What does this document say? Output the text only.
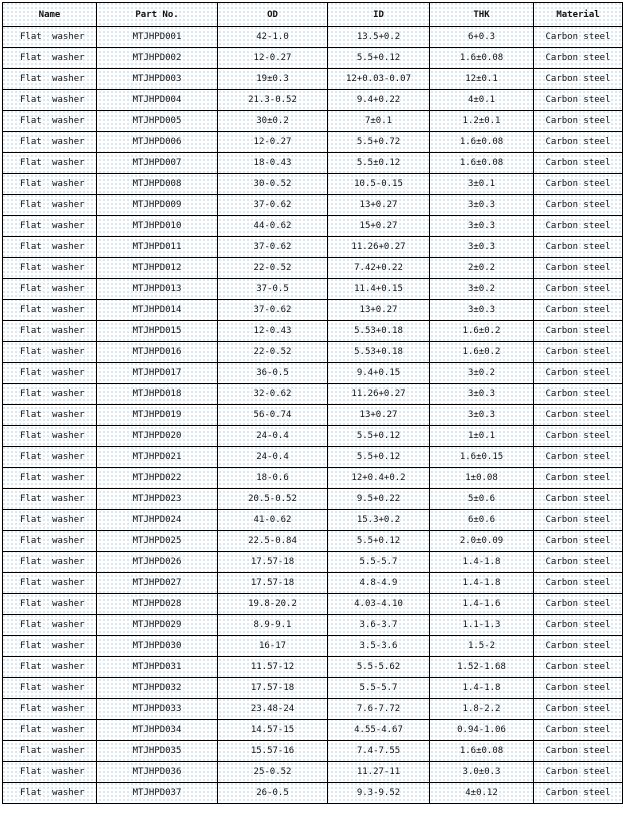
Name	Part No.	OD	ID	THK	Material
Flat washer	MTJHPD001	42-1.0	13.5+0.2	6+0.3	Carbon steel
Flat washer	MTJHPD002	12-0.27	5.5+0.12	1.6±0.08	Carbon steel
Flat washer	MTJHPD003	19±0.3	12+0.03-0.07	12±0.1	Carbon steel
Flat washer	MTJHPD004	21.3-0.52	9.4+0.22	4±0.1	Carbon steel
Flat washer	MTJHPD005	30±0.2	7±0.1	1.2±0.1	Carbon steel
Flat washer	MTJHPD006	12-0.27	5.5+0.72	1.6±0.08	Carbon steel
Flat washer	MTJHPD007	18-0.43	5.5±0.12	1.6±0.08	Carbon steel
Flat washer	MTJHPD008	30-0.52	10.5-0.15	3±0.1	Carbon steel
Flat washer	MTJHPD009	37-0.62	13+0.27	3±0.3	Carbon steel
Flat washer	MTJHPD010	44-0.62	15+0.27	3±0.3	Carbon steel
Flat washer	MTJHPD011	37-0.62	11.26+0.27	3±0.3	Carbon steel
Flat washer	MTJHPD012	22-0.52	7.42+0.22	2±0.2	Carbon steel
Flat washer	MTJHPD013	37-0.5	11.4+0.15	3±0.2	Carbon steel
Flat washer	MTJHPD014	37-0.62	13+0.27	3±0.3	Carbon steel
Flat washer	MTJHPD015	12-0.43	5.53+0.18	1.6±0.2	Carbon steel
Flat washer	MTJHPD016	22-0.52	5.53+0.18	1.6±0.2	Carbon steel
Flat washer	MTJHPD017	36-0.5	9.4+0.15	3±0.2	Carbon steel
Flat washer	MTJHPD018	32-0.62	11.26+0.27	3±0.3	Carbon steel
Flat washer	MTJHPD019	56-0.74	13+0.27	3±0.3	Carbon steel
Flat washer	MTJHPD020	24-0.4	5.5+0.12	1±0.1	Carbon steel
Flat washer	MTJHPD021	24-0.4	5.5+0.12	1.6±0.15	Carbon steel
Flat washer	MTJHPD022	18-0.6	12+0.4+0.2	1±0.08	Carbon steel
Flat washer	MTJHPD023	20.5-0.52	9.5+0.22	5±0.6	Carbon steel
Flat washer	MTJHPD024	41-0.62	15.3+0.2	6±0.6	Carbon steel
Flat washer	MTJHPD025	22.5-0.84	5.5+0.12	2.0±0.09	Carbon steel
Flat washer	MTJHPD026	17.57-18	5.5-5.7	1.4-1.8	Carbon steel
Flat washer	MTJHPD027	17.57-18	4.8-4.9	1.4-1.8	Carbon steel
Flat washer	MTJHPD028	19.8-20.2	4.03-4.10	1.4-1.6	Carbon steel
Flat washer	MTJHPD029	8.9-9.1	3.6-3.7	1.1-1.3	Carbon steel
Flat washer	MTJHPD030	16-17	3.5-3.6	1.5-2	Carbon steel
Flat washer	MTJHPD031	11.57-12	5.5-5.62	1.52-1.68	Carbon steel
Flat washer	MTJHPD032	17.57-18	5.5-5.7	1.4-1.8	Carbon steel
Flat washer	MTJHPD033	23.48-24	7.6-7.72	1.8-2.2	Carbon steel
Flat washer	MTJHPD034	14.57-15	4.55-4.67	0.94-1.06	Carbon steel
Flat washer	MTJHPD035	15.57-16	7.4-7.55	1.6±0.08	Carbon steel
Flat washer	MTJHPD036	25-0.52	11.27-11	3.0±0.3	Carbon steel
Flat washer	MTJHPD037	26-0.5	9.3-9.52	4±0.12	Carbon steel
